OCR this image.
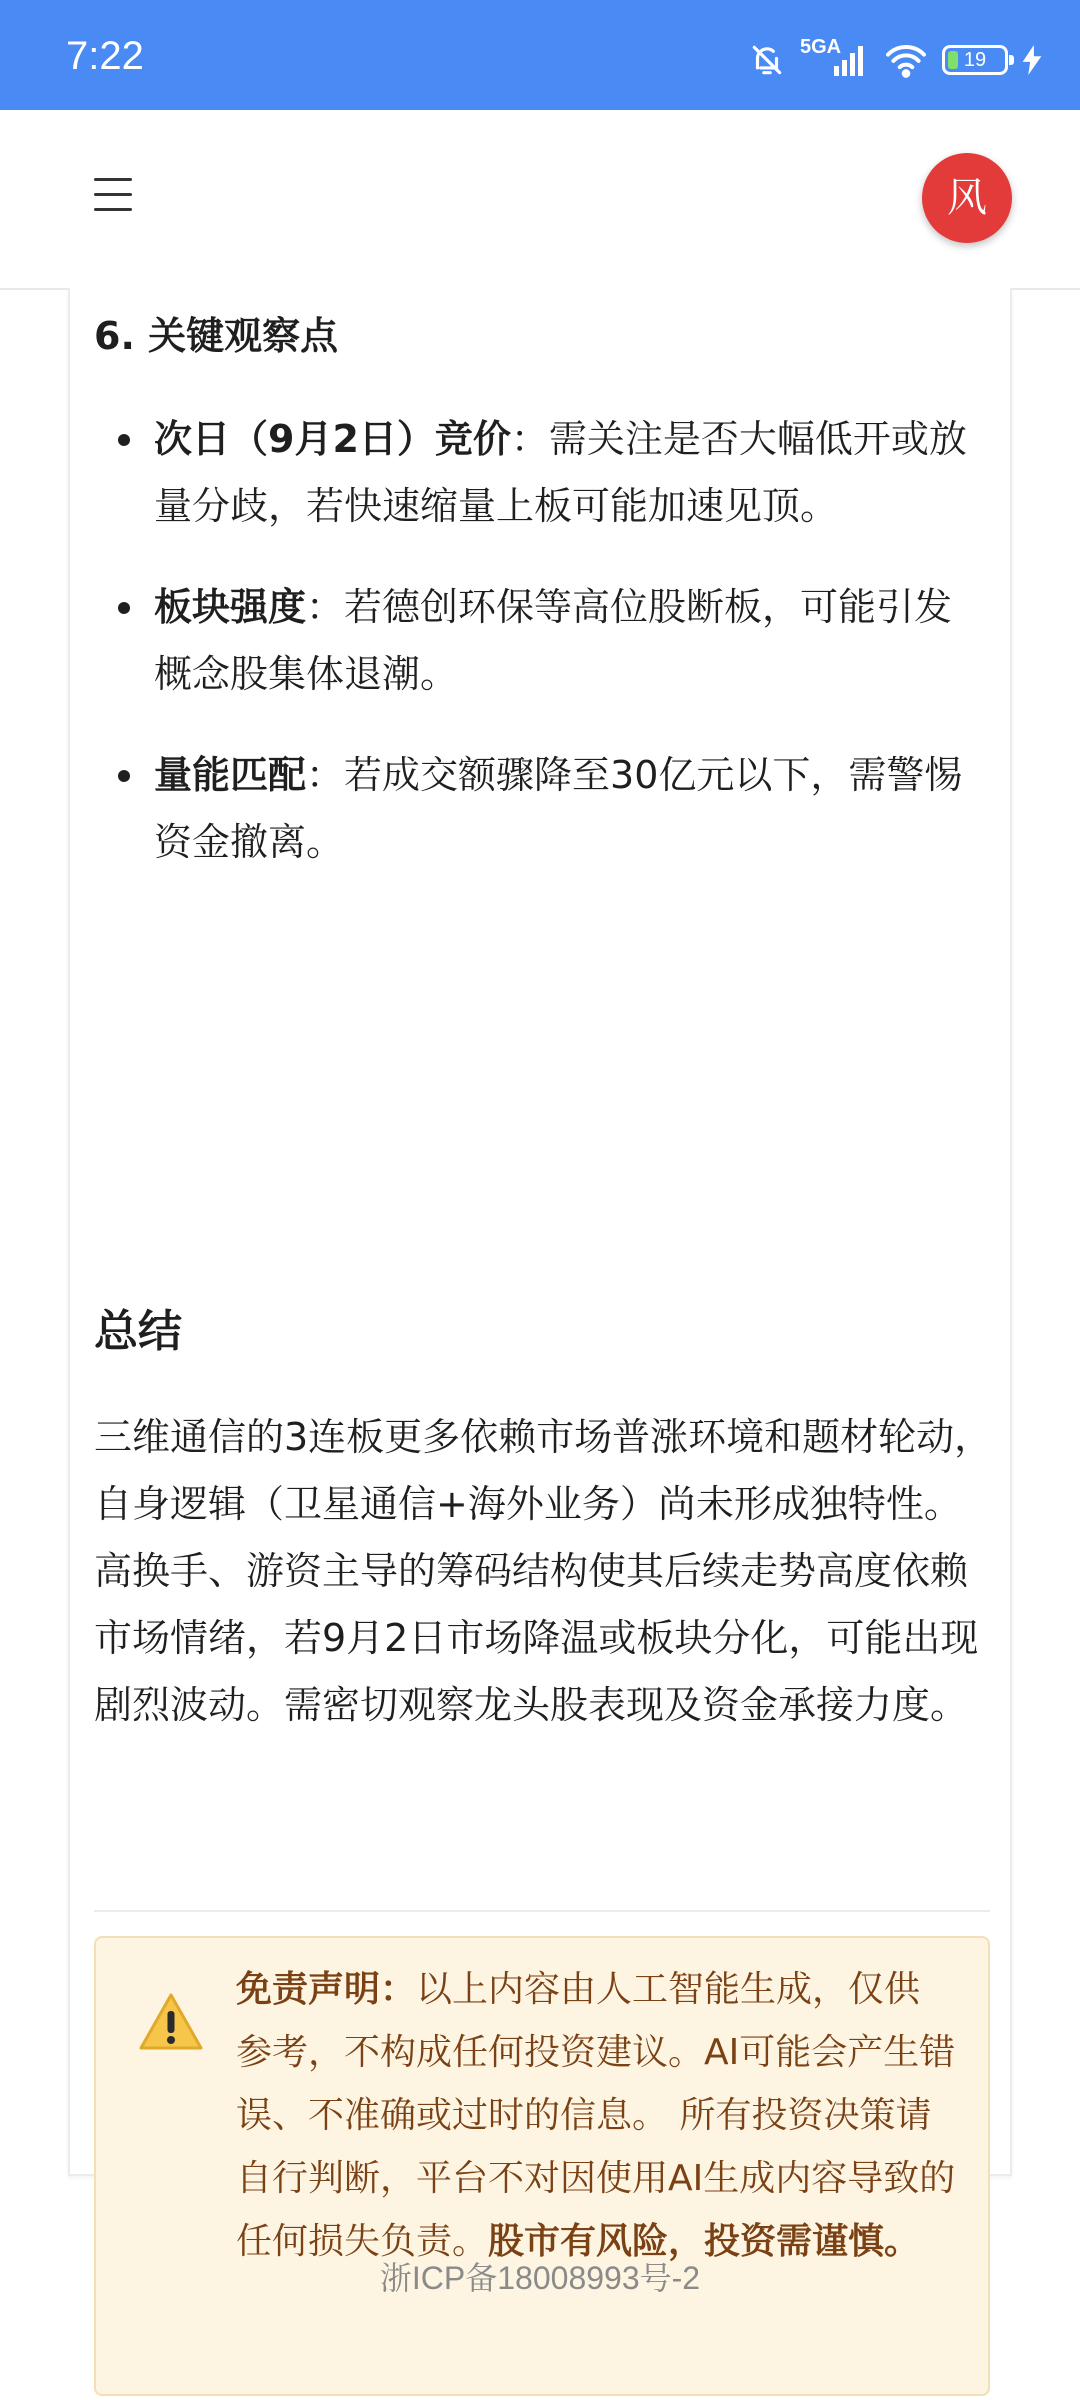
7:22	5GA
19
风
6. 关键观察点
次日（9月2日）竞价：需关注是否大幅低开或放量分歧，若快速缩量上板可能加速见顶。
板块强度：若德创环保等高位股断板，可能引发概念股集体退潮。
量能匹配：若成交额骤降至30亿元以下，需警惕资金撤离。
总结

三维通信的3连板更多依赖市场普涨环境和题材轮动，自身逻辑（卫星通信+海外业务）尚未形成独特性。高换手、游资主导的筹码结构使其后续走势高度依赖市场情绪，若9月2日市场降温或板块分化，可能出现剧烈波动。需密切观察龙头股表现及资金承接力度。

免责声明：以上内容由人工智能生成，仅供参考，不构成任何投资建议。AI可能会产生错误、不准确或过时的信息。 所有投资决策请自行判断，平台不对因使用AI生成内容导致的任何损失负责。股市有风险，投资需谨慎。

浙ICP备18008993号-2
